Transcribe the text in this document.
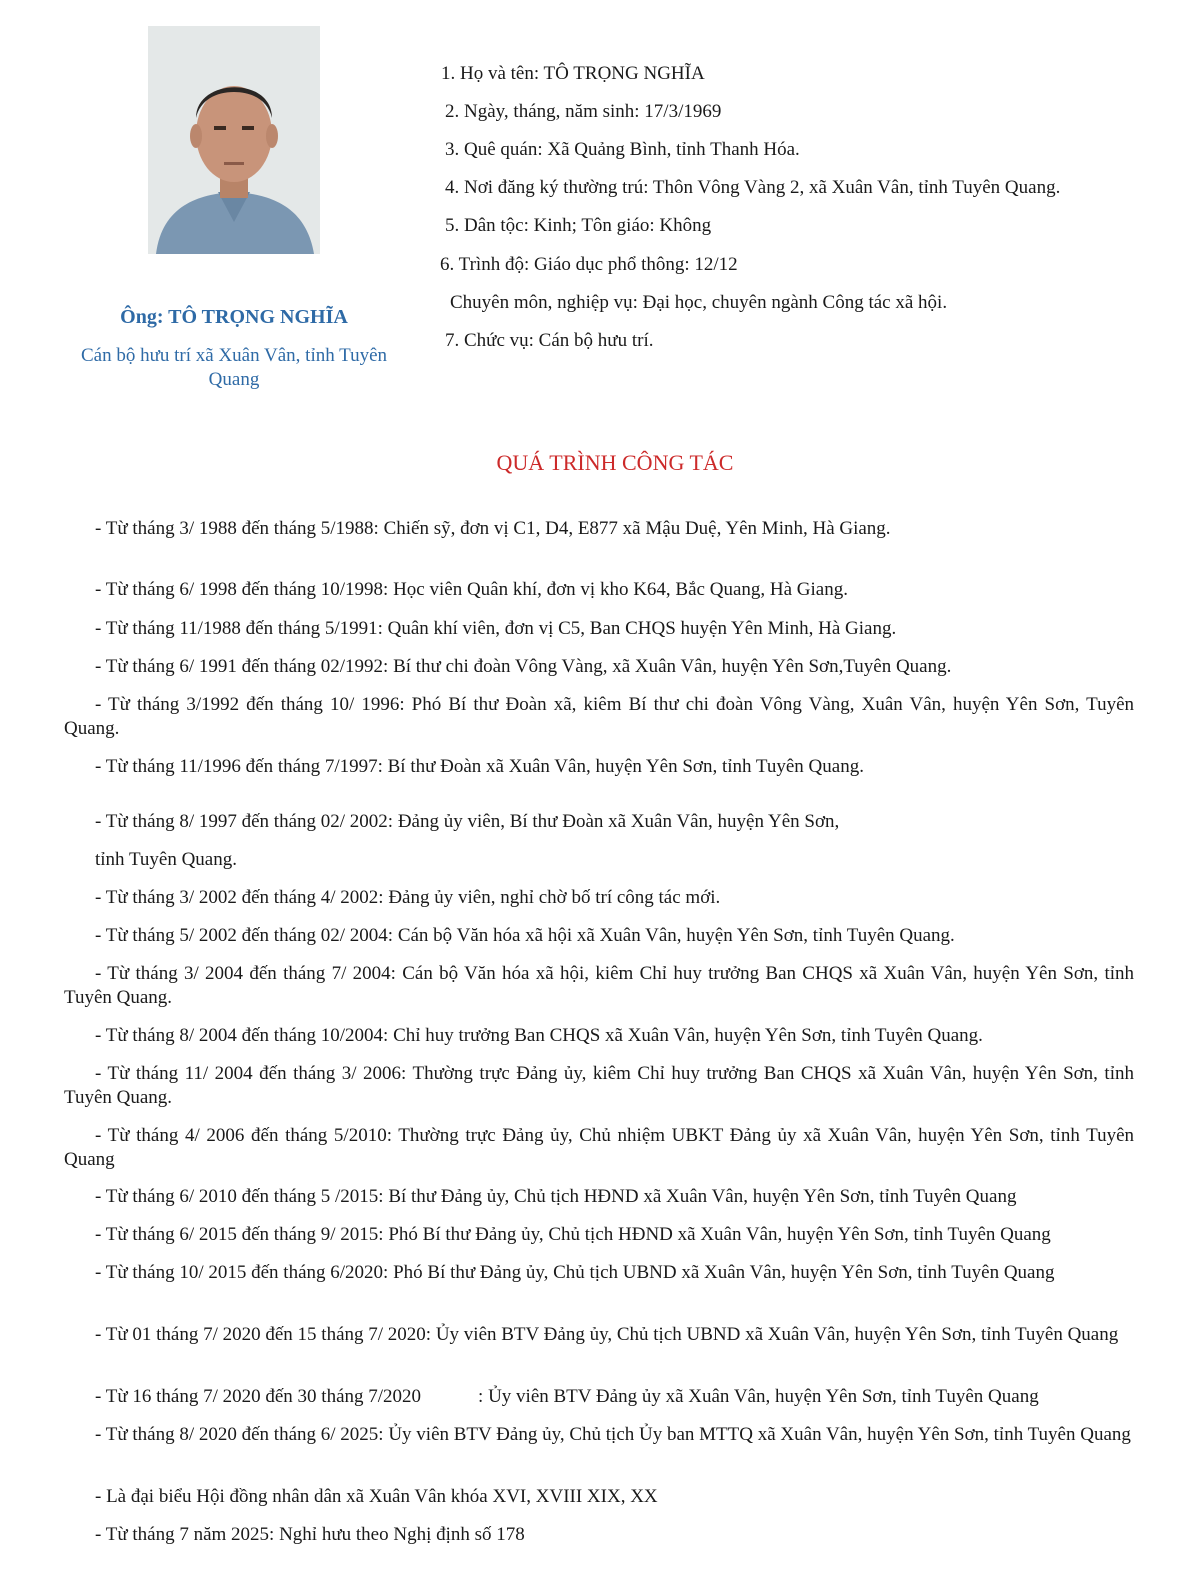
Ông: TÔ TRỌNG NGHĨA
Cán bộ hưu trí xã Xuân Vân, tỉnh Tuyên Quang
1. Họ và tên: TÔ TRỌNG NGHĨA
2. Ngày, tháng, năm sinh: 17/3/1969
3. Quê quán: Xã Quảng Bình, tỉnh Thanh Hóa.
4. Nơi đăng ký thường trú: Thôn Vông Vàng 2, xã Xuân Vân, tỉnh Tuyên Quang.
5. Dân tộc: Kinh; Tôn giáo: Không
6. Trình độ: Giáo dục phổ thông: 12/12
Chuyên môn, nghiệp vụ: Đại học, chuyên ngành Công tác xã hội.
7. Chức vụ: Cán bộ hưu trí.
QUÁ TRÌNH CÔNG TÁC
- Từ tháng 3/ 1988 đến tháng 5/1988: Chiến sỹ, đơn vị C1, D4, E877 xã Mậu Duệ, Yên Minh, Hà Giang.
- Từ tháng 6/ 1998 đến tháng 10/1998: Học viên Quân khí, đơn vị kho K64, Bắc Quang, Hà Giang.
- Từ tháng 11/1988 đến tháng 5/1991: Quân khí viên, đơn vị C5, Ban CHQS huyện Yên Minh, Hà Giang.
- Từ tháng 6/ 1991 đến tháng 02/1992: Bí thư chi đoàn Vông Vàng, xã Xuân Vân, huyện Yên Sơn,Tuyên Quang.
- Từ tháng 3/1992 đến tháng 10/ 1996: Phó Bí thư Đoàn xã, kiêm Bí thư chi đoàn Vông Vàng, Xuân Vân, huyện Yên Sơn, Tuyên Quang.
- Từ tháng 11/1996 đến tháng 7/1997: Bí thư Đoàn xã Xuân Vân, huyện Yên Sơn, tỉnh Tuyên Quang.
- Từ tháng 8/ 1997 đến tháng 02/ 2002: Đảng ủy viên, Bí thư Đoàn xã Xuân Vân, huyện Yên Sơn,
tỉnh Tuyên Quang.
- Từ tháng 3/ 2002 đến tháng 4/ 2002: Đảng ủy viên, nghỉ chờ bố trí công tác mới.
- Từ tháng 5/ 2002 đến tháng 02/ 2004: Cán bộ Văn hóa xã hội xã Xuân Vân, huyện Yên Sơn, tỉnh Tuyên Quang.
- Từ tháng 3/ 2004 đến tháng 7/ 2004: Cán bộ Văn hóa xã hội, kiêm Chỉ huy trưởng Ban CHQS xã Xuân Vân, huyện Yên Sơn, tỉnh Tuyên Quang.
- Từ tháng 8/ 2004 đến tháng 10/2004: Chỉ huy trưởng Ban CHQS xã Xuân Vân, huyện Yên Sơn, tỉnh Tuyên Quang.
- Từ tháng 11/ 2004 đến tháng 3/ 2006: Thường trực Đảng ủy, kiêm Chỉ huy trưởng Ban CHQS xã Xuân Vân, huyện Yên Sơn, tỉnh Tuyên Quang.
- Từ tháng 4/ 2006 đến tháng 5/2010: Thường trực Đảng ủy, Chủ nhiệm UBKT Đảng ủy xã Xuân Vân, huyện Yên Sơn, tỉnh Tuyên Quang
- Từ tháng 6/ 2010 đến tháng 5 /2015: Bí thư Đảng ủy, Chủ tịch HĐND xã Xuân Vân, huyện Yên Sơn, tỉnh Tuyên Quang
- Từ tháng 6/ 2015 đến tháng 9/ 2015: Phó Bí thư Đảng ủy, Chủ tịch HĐND xã Xuân Vân, huyện Yên Sơn, tỉnh Tuyên Quang
- Từ tháng 10/ 2015 đến tháng 6/2020: Phó Bí thư Đảng ủy, Chủ tịch UBND xã Xuân Vân, huyện Yên Sơn, tỉnh Tuyên Quang
- Từ 01 tháng 7/ 2020 đến 15 tháng 7/ 2020: Ủy viên BTV Đảng ủy, Chủ tịch UBND xã Xuân Vân, huyện Yên Sơn, tỉnh Tuyên Quang
- Từ 16 tháng 7/ 2020 đến 30 tháng 7/2020            : Ủy viên BTV Đảng ủy xã Xuân Vân, huyện Yên Sơn, tỉnh Tuyên Quang
- Từ tháng 8/ 2020 đến tháng 6/ 2025: Ủy viên BTV Đảng ủy, Chủ tịch Ủy ban MTTQ xã Xuân Vân, huyện Yên Sơn, tỉnh Tuyên Quang
- Là đại biểu Hội đồng nhân dân xã Xuân Vân khóa XVI, XVIII XIX, XX
- Từ tháng 7 năm 2025: Nghỉ hưu theo Nghị định số 178
